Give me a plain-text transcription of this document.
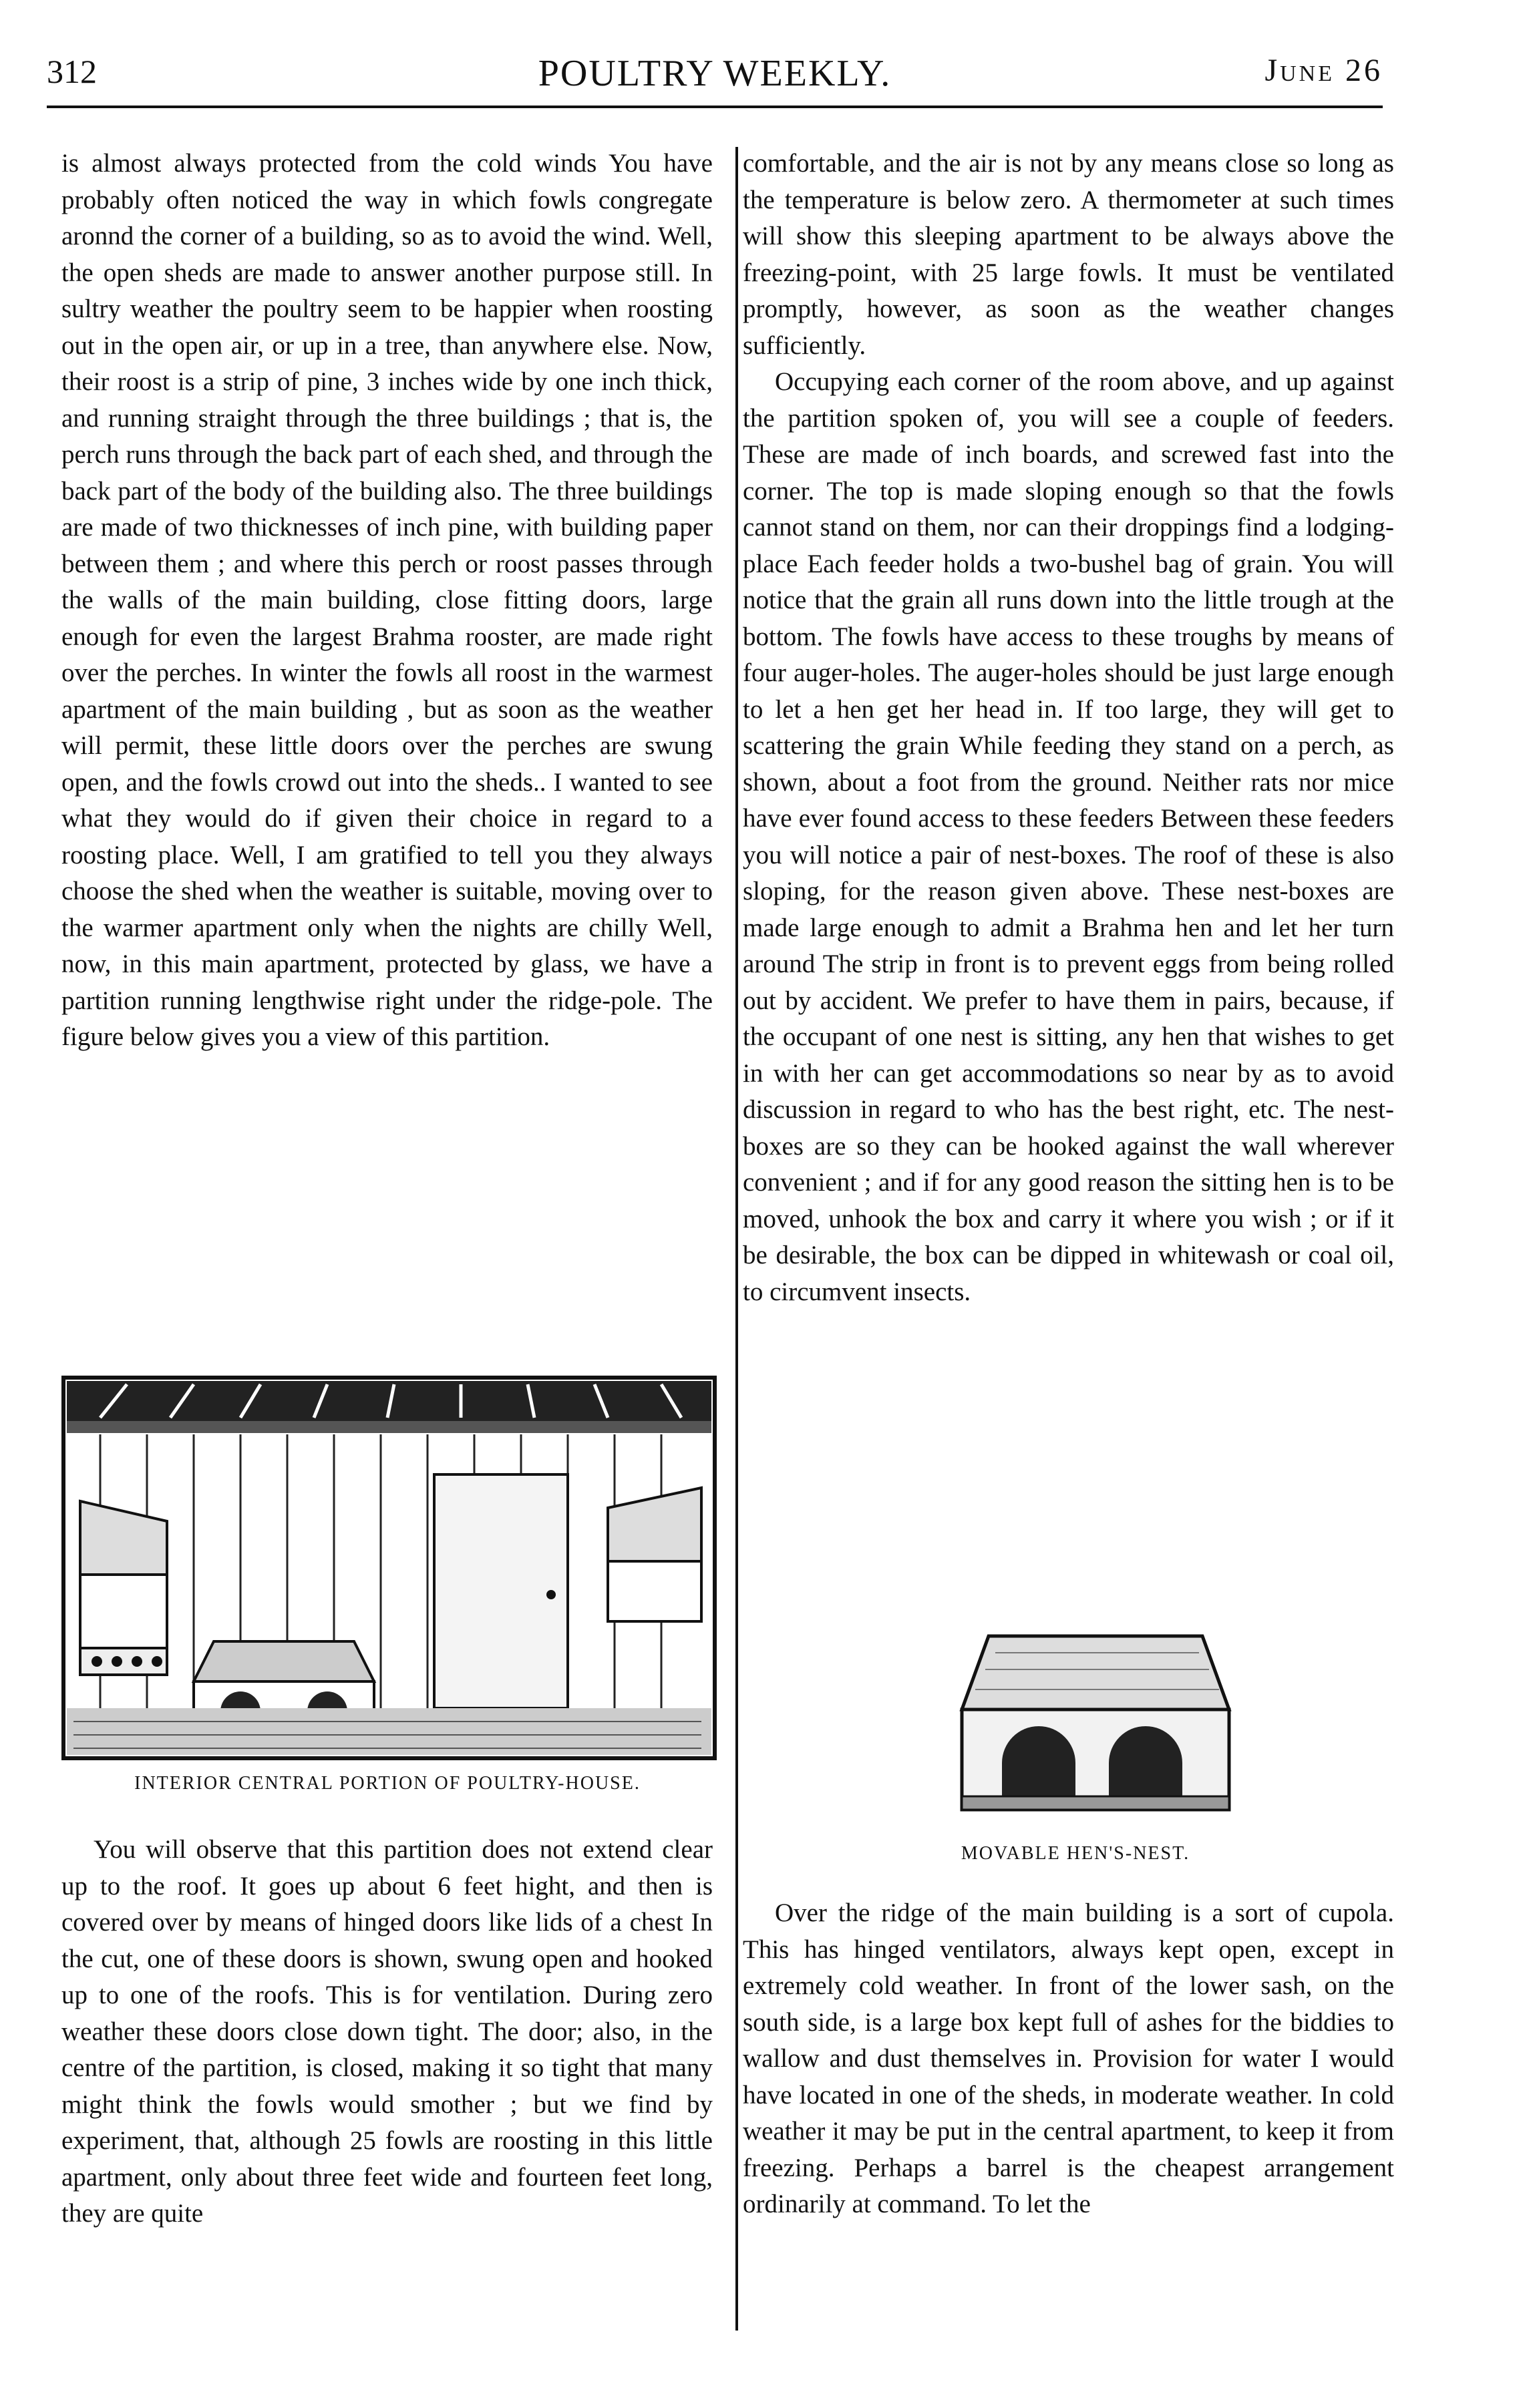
312	POULTRY WEEKLY.	June 26

is almost always protected from the cold winds You have probably often noticed the way in which fowls congregate aronnd the corner of a building, so as to avoid the wind. Well, the open sheds are made to answer another purpose still. In sultry weather the poultry seem to be happier when roosting out in the open air, or up in a tree, than anywhere else. Now, their roost is a strip of pine, 3 inches wide by one inch thick, and running straight through the three buildings ; that is, the perch runs through the back part of each shed, and through the back part of the body of the building also. The three buildings are made of two thicknesses of inch pine, with building paper between them ; and where this perch or roost passes through the walls of the main building, close fitting doors, large enough for even the largest Brahma rooster, are made right over the perches. In winter the fowls all roost in the warmest apartment of the main building , but as soon as the weather will permit, these little doors over the perches are swung open, and the fowls crowd out into the sheds.. I wanted to see what they would do if given their choice in regard to a roosting place. Well, I am gratified to tell you they always choose the shed when the weather is suitable, moving over to the warmer apartment only when the nights are chilly Well, now, in this main apartment, protected by glass, we have a partition running lengthwise right under the ridge-pole. The figure below gives you a view of this partition.

INTERIOR CENTRAL PORTION OF POULTRY-HOUSE.

You will observe that this partition does not extend clear up to the roof. It goes up about 6 feet hight, and then is covered over by means of hinged doors like lids of a chest In the cut, one of these doors is shown, swung open and hooked up to one of the roofs. This is for ventilation. During zero weather these doors close down tight. The door; also, in the centre of the partition, is closed, making it so tight that many might think the fowls would smother ; but we find by experiment, that, although 25 fowls are roosting in this little apartment, only about three feet wide and fourteen feet long, they are quite

comfortable, and the air is not by any means close so long as the temperature is below zero. A thermometer at such times will show this sleeping apartment to be always above the freezing-point, with 25 large fowls. It must be ventilated promptly, however, as soon as the weather changes sufficiently.

Occupying each corner of the room above, and up against the partition spoken of, you will see a couple of feeders. These are made of inch boards, and screwed fast into the corner. The top is made sloping enough so that the fowls cannot stand on them, nor can their droppings find a lodging-place Each feeder holds a two-bushel bag of grain. You will notice that the grain all runs down into the little trough at the bottom. The fowls have access to these troughs by means of four auger-holes. The auger-holes should be just large enough to let a hen get her head in. If too large, they will get to scattering the grain While feeding they stand on a perch, as shown, about a foot from the ground. Neither rats nor mice have ever found access to these feeders Between these feeders you will notice a pair of nest-boxes. The roof of these is also sloping, for the reason given above. These nest-boxes are made large enough to admit a Brahma hen and let her turn around The strip in front is to prevent eggs from being rolled out by accident. We prefer to have them in pairs, because, if the occupant of one nest is sitting, any hen that wishes to get in with her can get accommodations so near by as to avoid discussion in regard to who has the best right, etc. The nest-boxes are so they can be hooked against the wall wherever convenient ; and if for any good reason the sitting hen is to be moved, unhook the box and carry it where you wish ; or if it be desirable, the box can be dipped in whitewash or coal oil, to circumvent insects.

MOVABLE HEN'S-NEST.

Over the ridge of the main building is a sort of cupola. This has hinged ventilators, always kept open, except in extremely cold weather. In front of the lower sash, on the south side, is a large box kept full of ashes for the biddies to wallow and dust themselves in. Provision for water I would have located in one of the sheds, in moderate weather. In cold weather it may be put in the central apartment, to keep it from freezing. Perhaps a barrel is the cheapest arrangement ordinarily at command. To let the
